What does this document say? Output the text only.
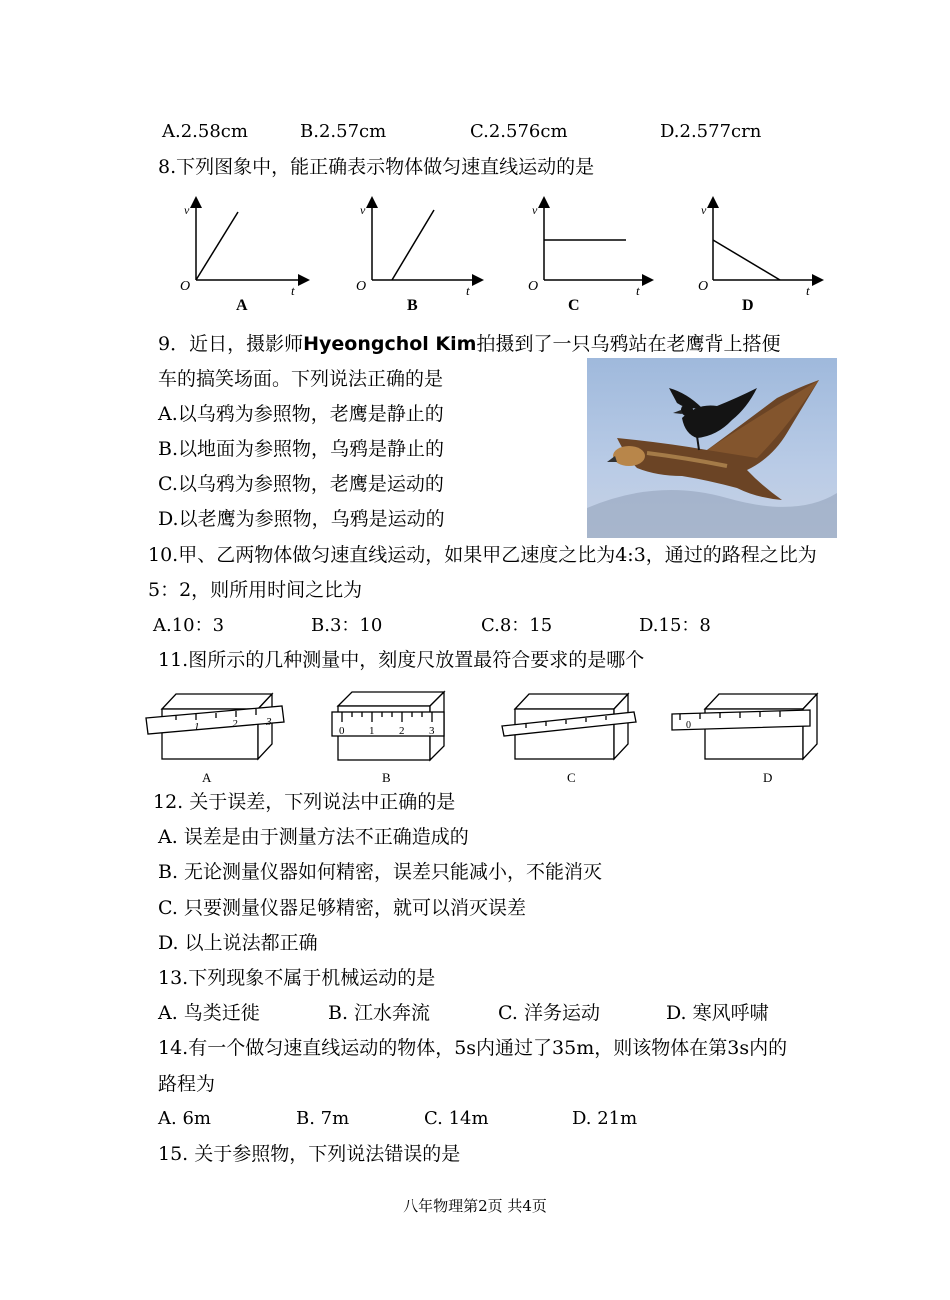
A.2.58cm	B.2.57cm	C.2.576cm	D.2.577crn
8.下列图象中，能正确表示物体做匀速直线运动的是
v
O	t
A
v
O	t
B
v
O	t
C
v
O	t
D
9．近日，摄影师Hyeongchol Kim拍摄到了一只乌鸦站在老鹰背上搭便
车的搞笑场面。下列说法正确的是
A.以乌鸦为参照物，老鹰是静止的
B.以地面为参照物，乌鸦是静止的
C.以乌鸦为参照物，老鹰是运动的
D.以老鹰为参照物，乌鸦是运动的
10.甲、乙两物体做匀速直线运动，如果甲乙速度之比为4:3，通过的路程之比为
5：2，则所用时间之比为
A.10：3	B.3：10	C.8：15	D.15：8
11.图所示的几种测量中，刻度尺放置最符合要求的是哪个
1	2	3
A
0 1 2 3
B	C
0
D
12. 关于误差，下列说法中正确的是
A. 误差是由于测量方法不正确造成的
B. 无论测量仪器如何精密，误差只能减小，不能消灭
C. 只要测量仪器足够精密，就可以消灭误差
D. 以上说法都正确
13.下列现象不属于机械运动的是
A. 鸟类迁徙	B. 江水奔流	C. 洋务运动	D. 寒风呼啸
14.有一个做匀速直线运动的物体，5s内通过了35m，则该物体在第3s内的
路程为
A. 6m	B. 7m	C. 14m	D. 21m
15. 关于参照物，下列说法错误的是
八年物理第2页 共4页
